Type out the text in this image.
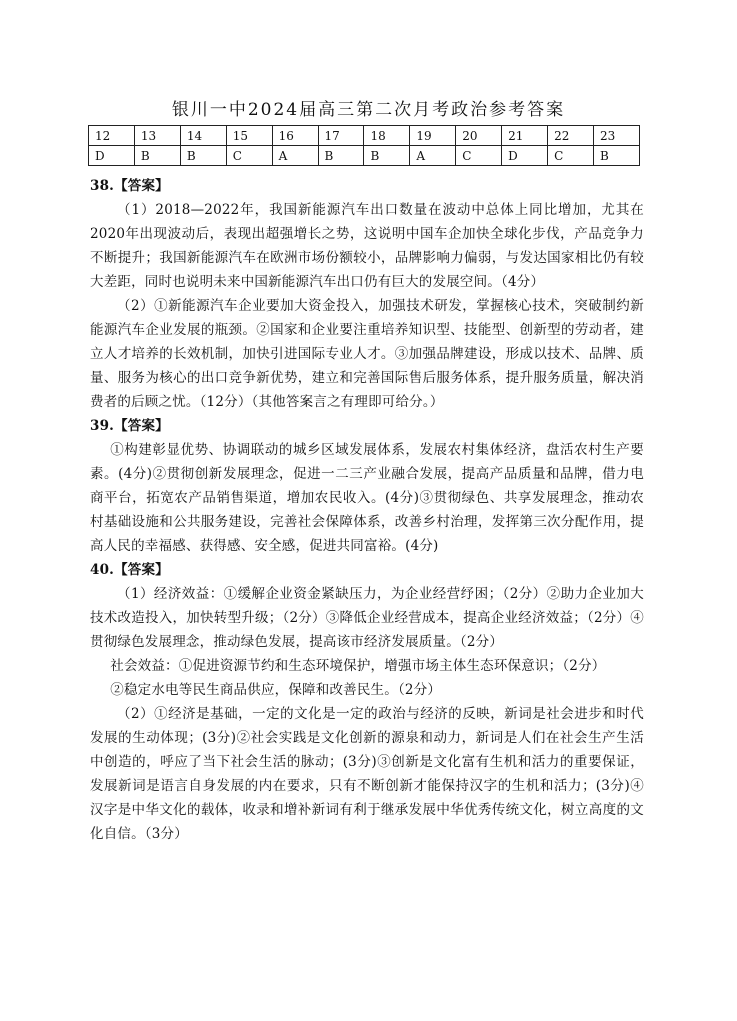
银川一中2024届高三第二次月考政治参考答案
12	13	14	15	16	17	18	19	20	21	22	23
D	B	B	C	A	B	B	A	C	D	C	B

38.【答案】

（1）2018—2022年，我国新能源汽车出口数量在波动中总体上同比增加，尤其在2020年出现波动后，表现出超强增长之势，这说明中国车企加快全球化步伐，产品竞争力不断提升；我国新能源汽车在欧洲市场份额较小，品牌影响力偏弱，与发达国家相比仍有较大差距，同时也说明未来中国新能源汽车出口仍有巨大的发展空间。（4分）

（2）①新能源汽车企业要加大资金投入，加强技术研发，掌握核心技术，突破制约新能源汽车企业发展的瓶颈。②国家和企业要注重培养知识型、技能型、创新型的劳动者，建立人才培养的长效机制，加快引进国际专业人才。③加强品牌建设，形成以技术、品牌、质量、服务为核心的出口竞争新优势，建立和完善国际售后服务体系，提升服务质量，解决消费者的后顾之忧。（12分）（其他答案言之有理即可给分。）

39.【答案】

①构建彰显优势、协调联动的城乡区域发展体系，发展农村集体经济，盘活农村生产要素。(4分)②贯彻创新发展理念，促进一二三产业融合发展，提高产品质量和品牌，借力电商平台，拓宽农产品销售渠道，增加农民收入。(4分)③贯彻绿色、共享发展理念，推动农村基础设施和公共服务建设，完善社会保障体系，改善乡村治理，发挥第三次分配作用，提高人民的幸福感、获得感、安全感，促进共同富裕。(4分)

40.【答案】

（1）经济效益：①缓解企业资金紧缺压力，为企业经营纾困；（2分）②助力企业加大技术改造投入，加快转型升级；（2分）③降低企业经营成本，提高企业经济效益；（2分）④贯彻绿色发展理念，推动绿色发展，提高该市经济发展质量。（2分）

社会效益：①促进资源节约和生态环境保护，增强市场主体生态环保意识；（2分）

②稳定水电等民生商品供应，保障和改善民生。（2分）

（2）①经济是基础，一定的文化是一定的政治与经济的反映，新词是社会进步和时代发展的生动体现；(3分)②社会实践是文化创新的源泉和动力，新词是人们在社会生产生活中创造的，呼应了当下社会生活的脉动；(3分)③创新是文化富有生机和活力的重要保证，发展新词是语言自身发展的内在要求，只有不断创新才能保持汉字的生机和活力；(3分)④汉字是中华文化的载体，收录和增补新词有利于继承发展中华优秀传统文化，树立高度的文化自信。（3分）
